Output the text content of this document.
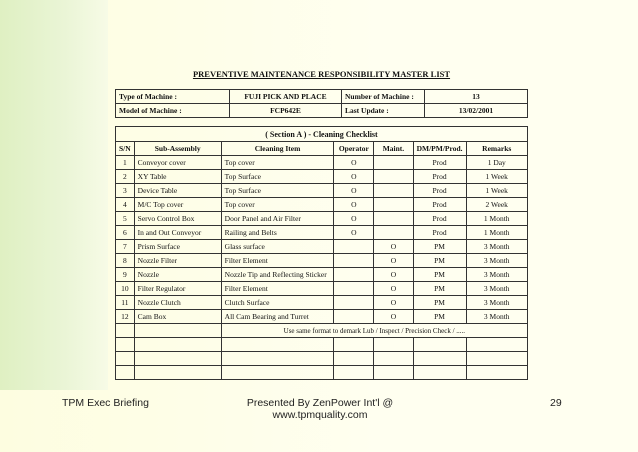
PREVENTIVE MAINTENANCE RESPONSIBILITY MASTER LIST
Type of Machine :	FUJI PICK AND PLACE	Number of Machine :	13
Model of Machine :	FCP642E	Last Update :	13/02/2001
( Section A ) - Cleaning Checklist						
S/N	Sub-Assembly	Cleaning Item	Operator	Maint.	DM/PM/Prod.	Remarks
1	Conveyor cover	Top cover	O		Prod	1 Day
2	XY Table	Top Surface	O		Prod	1 Week
3	Device Table	Top Surface	O		Prod	1 Week
4	M/C Top cover	Top cover	O		Prod	2 Week
5	Servo Control Box	Door Panel and Air Filter	O		Prod	1 Month
6	In and Out Conveyor	Railing and Belts	O		Prod	1 Month
7	Prism Surface	Glass surface		O	PM	3 Month
8	Nozzle Filter	Filter Element		O	PM	3 Month
9	Nozzle	Nozzle Tip and Reflecting Sticker		O	PM	3 Month
10	Filter Regulator	Filter Element		O	PM	3 Month
11	Nozzle Clutch	Clutch Surface		O	PM	3 Month
12	Cam Box	All Cam Bearing and Turret		O	PM	3 Month
		Use same format to demark Lub / Inspect / Precision Check / .....				

TPM Exec Briefing	Presented By ZenPower Int'l @
www.tpmquality.com
29
